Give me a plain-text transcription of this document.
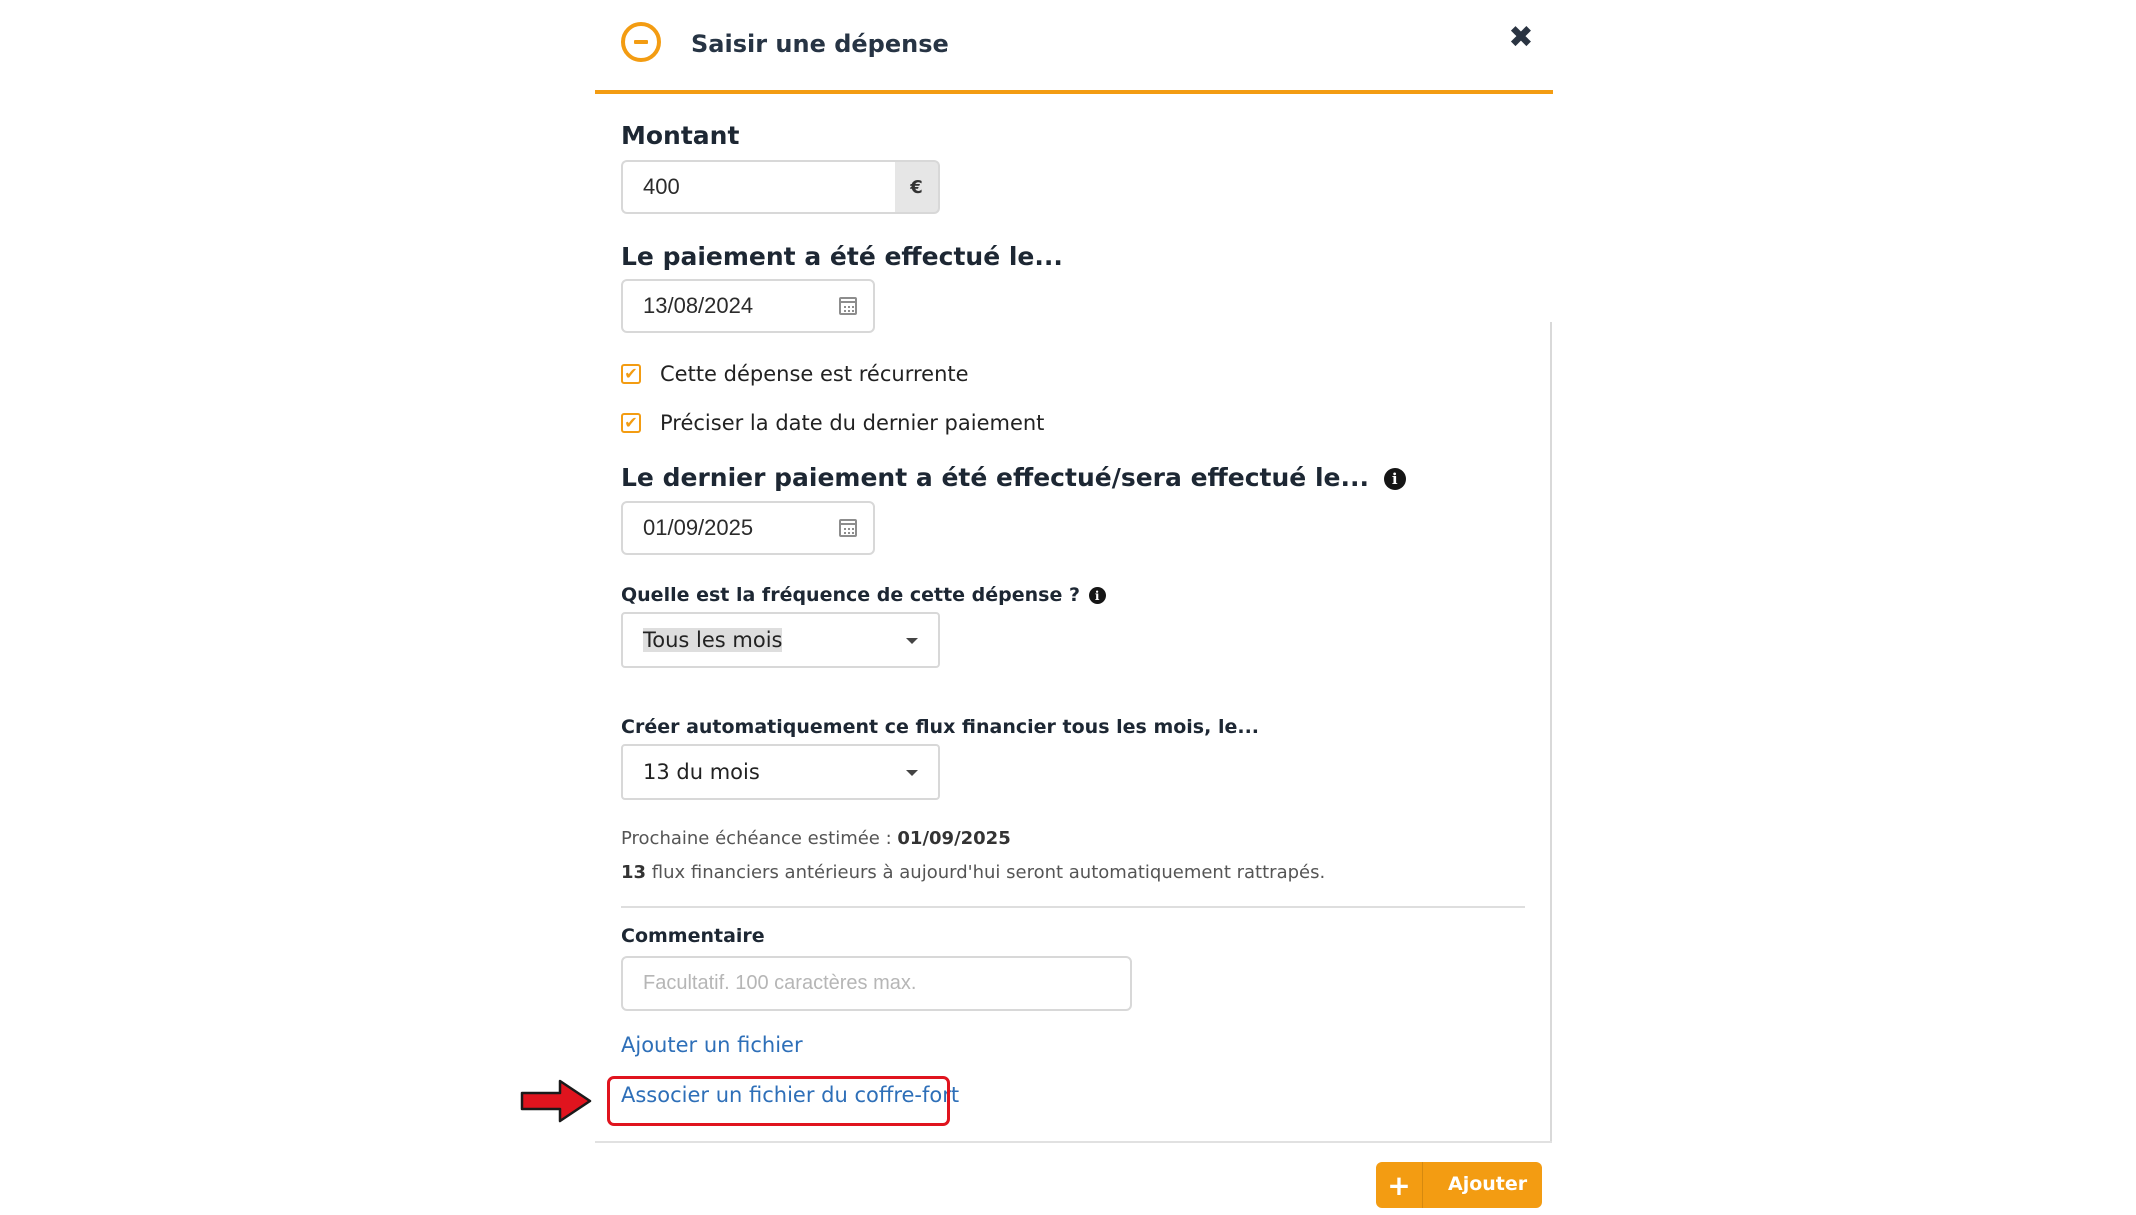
Saisir une dépense	✖
Montant
400	€
Le paiement a été effectué le...
13/08/2024
✔ Cette dépense est récurrente
✔ Préciser la date du dernier paiement
Le dernier paiement a été effectué/sera effectué le... i
01/09/2025
Quelle est la fréquence de cette dépense ? i
Tous les mois
Créer automatiquement ce flux financier tous les mois, le...
13 du mois
Prochaine échéance estimée : 01/09/2025
13 flux financiers antérieurs à aujourd'hui seront automatiquement rattrapés.
Commentaire
Facultatif. 100 caractères max.
Ajouter un fichier
Associer un fichier du coffre-fort
+	Ajouter
